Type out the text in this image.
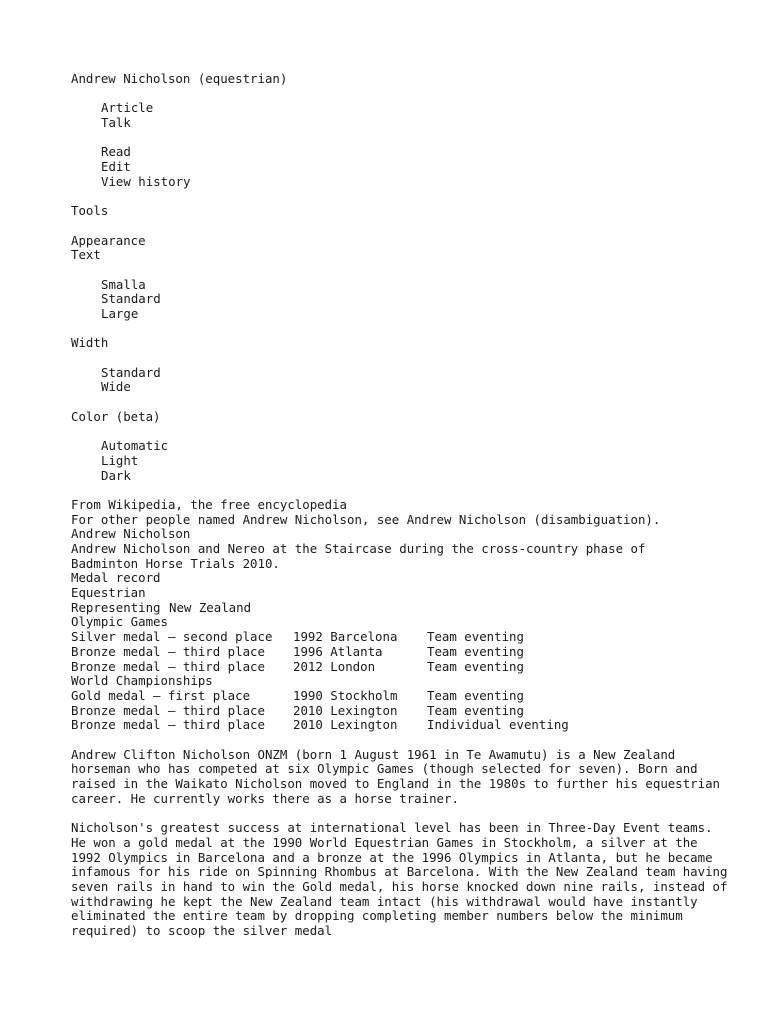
Andrew Nicholson (equestrian)
Article
Talk
Read
Edit
View history
Tools
Appearance
Text
Smalla
Standard
Large
Width
Standard
Wide
Color (beta)
Automatic
Light
Dark
From Wikipedia, the free encyclopedia
For other people named Andrew Nicholson, see Andrew Nicholson (disambiguation).
Andrew Nicholson
Andrew Nicholson and Nereo at the Staircase during the cross-country phase of
Badminton Horse Trials 2010.
Medal record
Equestrian
Representing New Zealand
Olympic Games
Silver medal – second place	1992 Barcelona	Team eventing
Bronze medal – third place	1996 Atlanta	Team eventing
Bronze medal – third place	2012 London	Team eventing
World Championships
Gold medal – first place	1990 Stockholm	Team eventing
Bronze medal – third place	2010 Lexington	Team eventing
Bronze medal – third place	2010 Lexington	Individual eventing

Andrew Clifton Nicholson ONZM (born 1 August 1961 in Te Awamutu) is a New Zealand horseman who has competed at six Olympic Games (though selected for seven). Born and raised in the Waikato Nicholson moved to England in the 1980s to further his equestrian career. He currently works there as a horse trainer.

Nicholson's greatest success at international level has been in Three-Day Event teams. He won a gold medal at the 1990 World Equestrian Games in Stockholm, a silver at the 1992 Olympics in Barcelona and a bronze at the 1996 Olympics in Atlanta, but he became infamous for his ride on Spinning Rhombus at Barcelona. With the New Zealand team having seven rails in hand to win the Gold medal, his horse knocked down nine rails, instead of withdrawing he kept the New Zealand team intact (his withdrawal would have instantly eliminated the entire team by dropping completing member numbers below the minimum required) to scoop the silver medal
